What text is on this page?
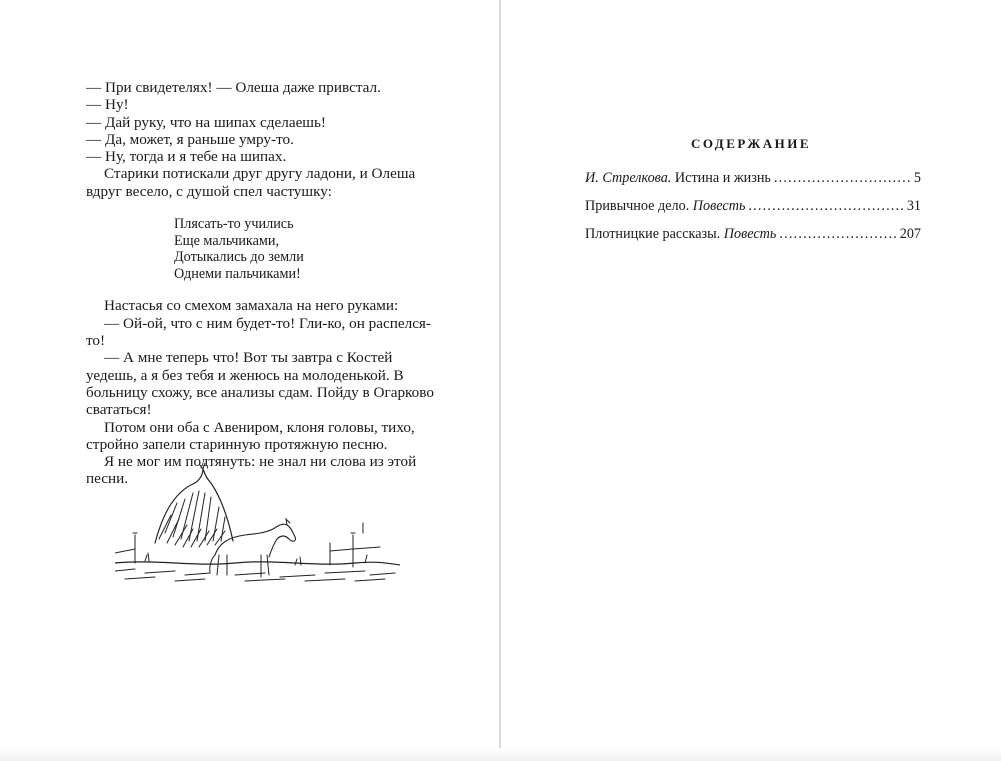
— При свидетелях! — Олеша даже привстал.

— Ну!

— Дай руку, что на шипах сделаешь!

— Да, может, я раньше умру-то.

— Ну, тогда и я тебе на шипах.

Старики потискали друг другу ладони, и Олеша вдруг весело, с душой спел частушку:

Плясать-то учились
Еще мальчиками,
Дотыкались до земли
Однеми пальчиками!

Настасья со смехом замахала на него руками:

— Ой-ой, что с ним будет-то! Гли-ко, он распелся-то!

— А мне теперь что! Вот ты завтра с Костей уедешь, а я без тебя и женюсь на молоденькой. В больницу схожу, все анализы сдам. Пойду в Огарково свататься!

Потом они оба с Авениром, клоня головы, тихо, стройно запели старинную протяжную песню.

Я не мог им подтянуть: не знал ни слова из этой песни.

СОДЕРЖАНИЕ
И. Стрелкова. Истина и жизнь .....	5
Привычное дело. Повесть .....	31
Плотницкие рассказы. Повесть .....	207
